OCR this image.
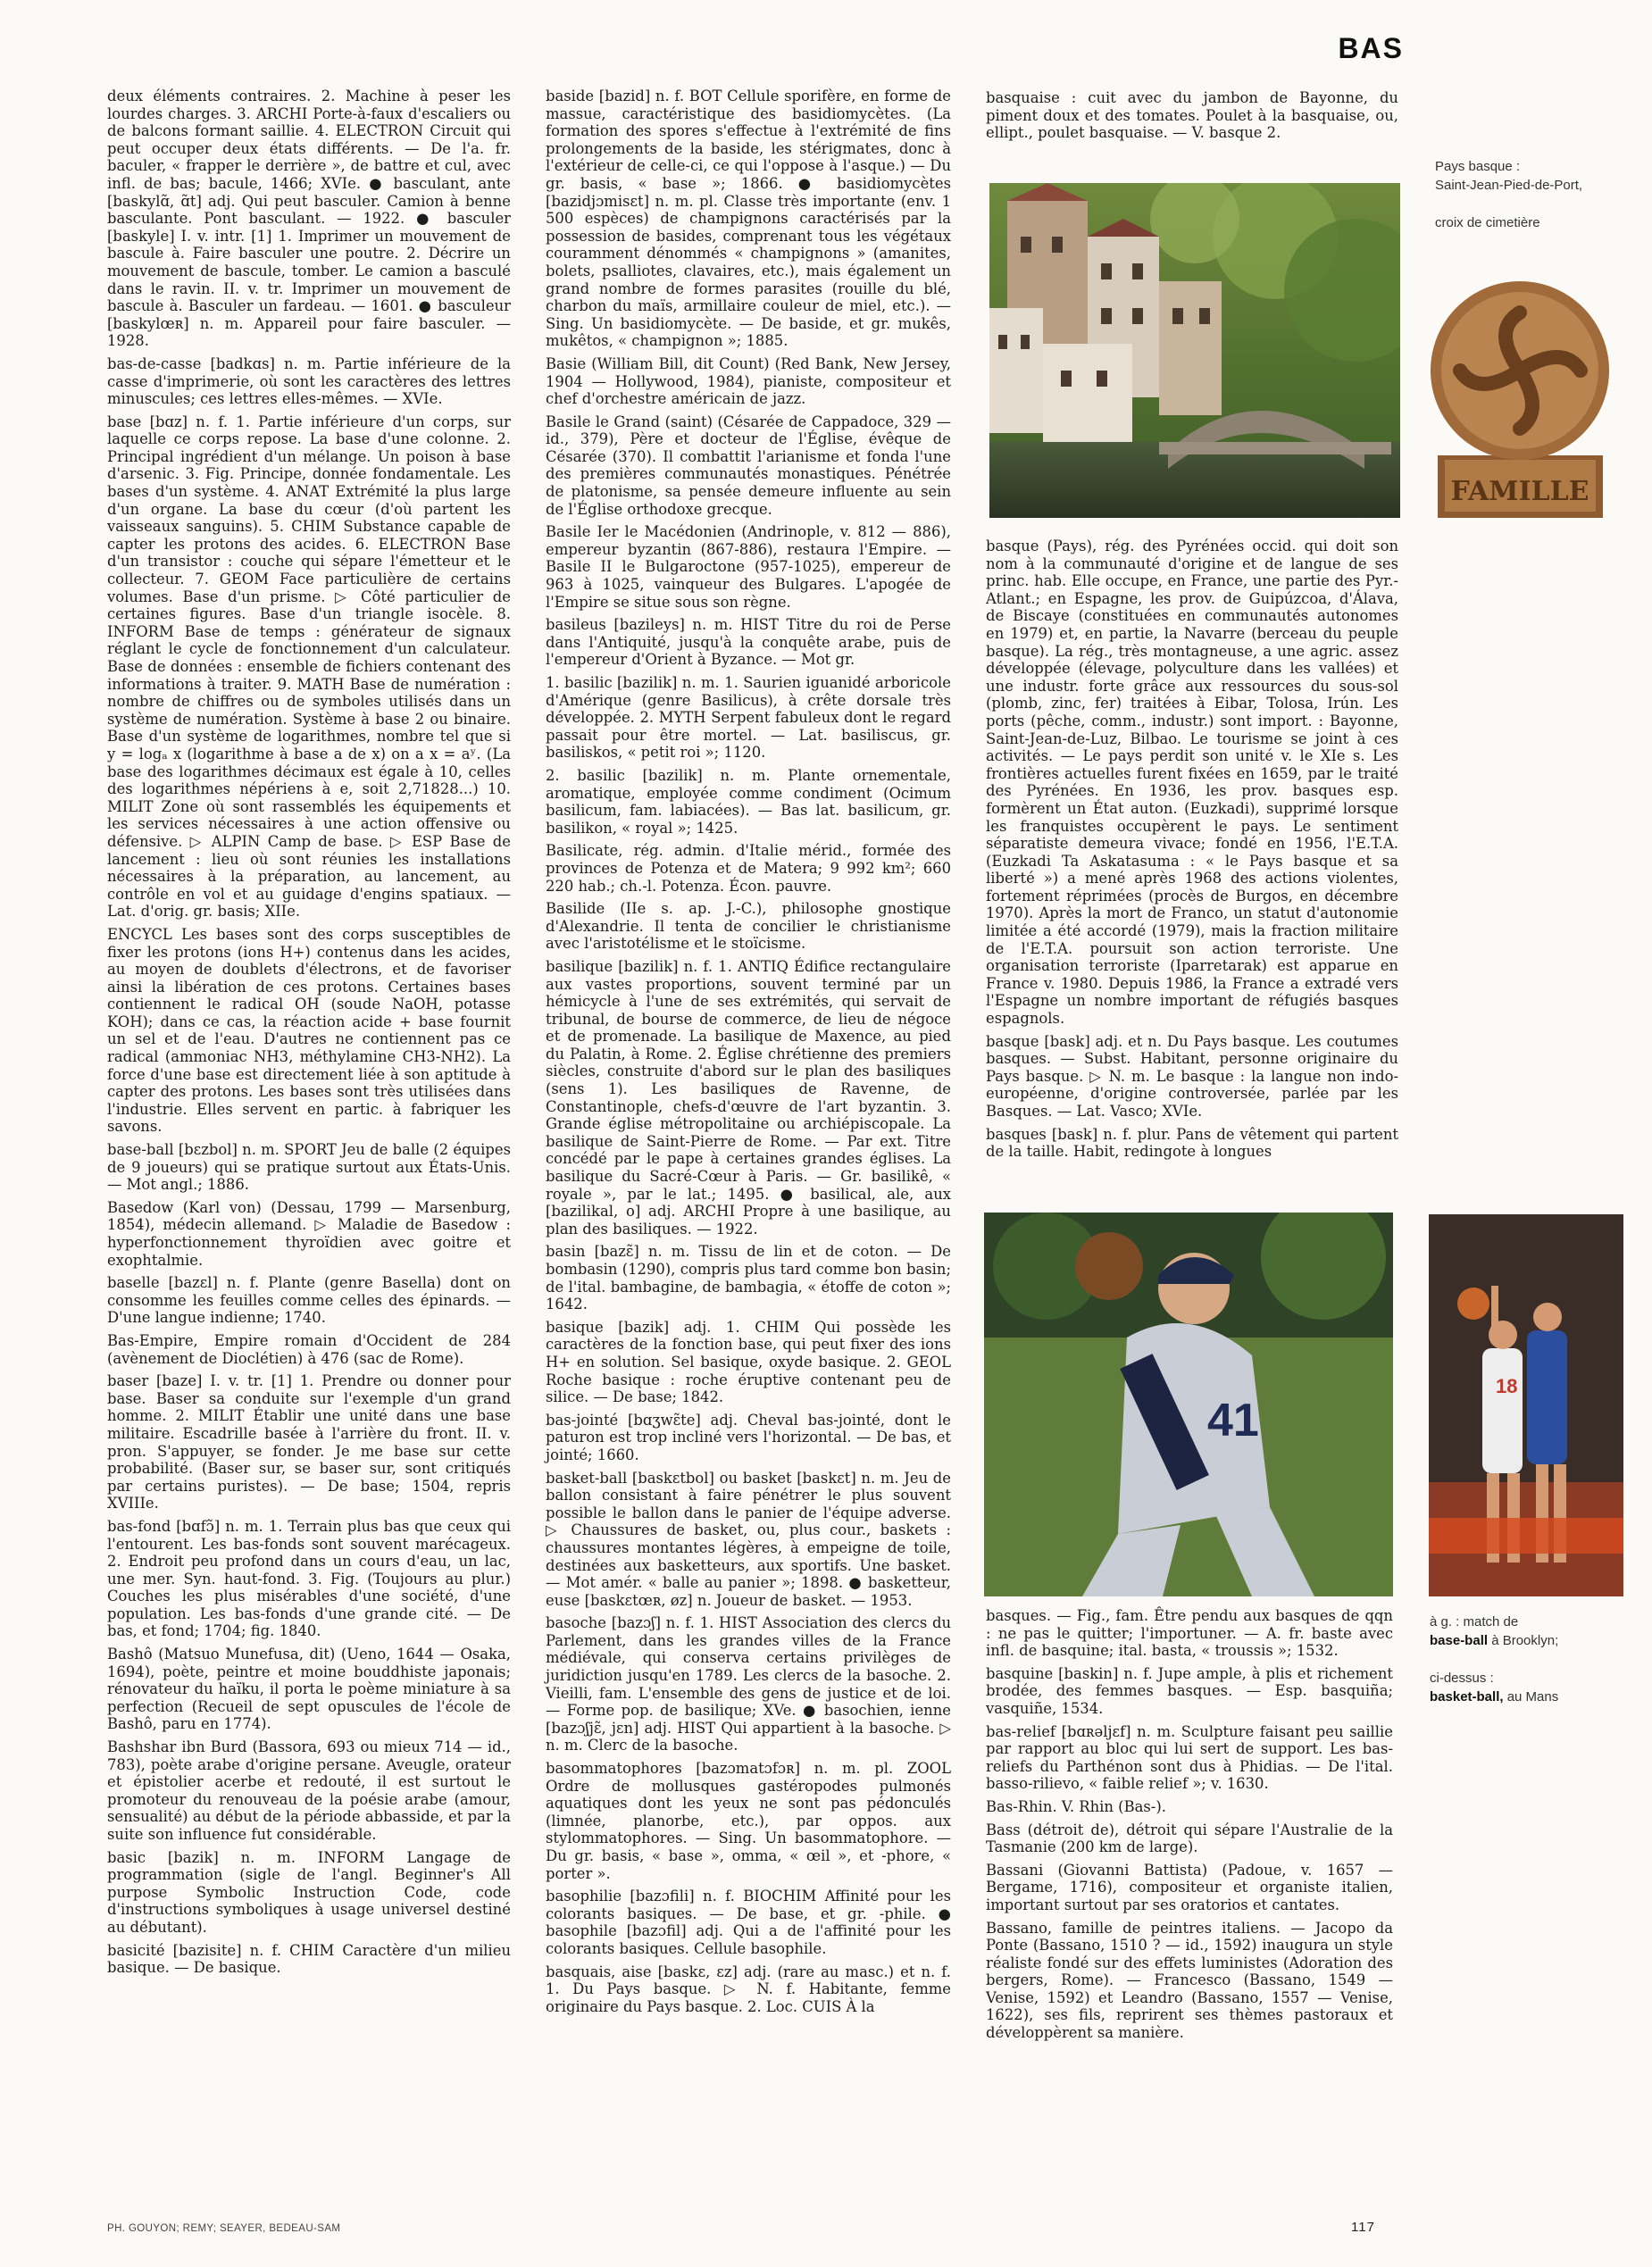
BAS

deux éléments contraires. 2. Machine à peser les lourdes charges. 3. ARCHI Porte-à-faux d'escaliers ou de balcons formant saillie. 4. ELECTRON Circuit qui peut occuper deux états différents. — De l'a. fr. baculer, « frapper le derrière », de battre et cul, avec infl. de bas; bacule, 1466; XVIe. ● basculant, ante [baskylɑ̃, ɑ̃t] adj. Qui peut basculer. Camion à benne basculante. Pont basculant. — 1922. ● basculer [baskyle] I. v. intr. [1] 1. Imprimer un mouvement de bascule à. Faire basculer une poutre. 2. Décrire un mouvement de bascule, tomber. Le camion a basculé dans le ravin. II. v. tr. Imprimer un mouvement de bascule à. Basculer un fardeau. — 1601. ● basculeur [baskylœʀ] n. m. Appareil pour faire basculer. — 1928.

bas-de-casse [badkɑs] n. m. Partie inférieure de la casse d'imprimerie, où sont les caractères des lettres minuscules; ces lettres elles-mêmes. — XVIe.

base [bɑz] n. f. 1. Partie inférieure d'un corps, sur laquelle ce corps repose. La base d'une colonne. 2. Principal ingrédient d'un mélange. Un poison à base d'arsenic. 3. Fig. Principe, donnée fondamentale. Les bases d'un système. 4. ANAT Extrémité la plus large d'un organe. La base du cœur (d'où partent les vaisseaux sanguins). 5. CHIM Substance capable de capter les protons des acides. 6. ELECTRON Base d'un transistor : couche qui sépare l'émetteur et le collecteur. 7. GEOM Face particulière de certains volumes. Base d'un prisme. ▷ Côté particulier de certaines figures. Base d'un triangle isocèle. 8. INFORM Base de temps : générateur de signaux réglant le cycle de fonctionnement d'un calculateur. Base de données : ensemble de fichiers contenant des informations à traiter. 9. MATH Base de numération : nombre de chiffres ou de symboles utilisés dans un système de numération. Système à base 2 ou binaire. Base d'un système de logarithmes, nombre tel que si y = logₐ x (logarithme à base a de x) on a x = aʸ. (La base des logarithmes décimaux est égale à 10, celles des logarithmes népériens à e, soit 2,71828...) 10. MILIT Zone où sont rassemblés les équipements et les services nécessaires à une action offensive ou défensive. ▷ ALPIN Camp de base. ▷ ESP Base de lancement : lieu où sont réunies les installations nécessaires à la préparation, au lancement, au contrôle en vol et au guidage d'engins spatiaux. — Lat. d'orig. gr. basis; XIIe.

ENCYCL Les bases sont des corps susceptibles de fixer les protons (ions H+) contenus dans les acides, au moyen de doublets d'électrons, et de favoriser ainsi la libération de ces protons. Certaines bases contiennent le radical OH (soude NaOH, potasse KOH); dans ce cas, la réaction acide + base fournit un sel et de l'eau. D'autres ne contiennent pas ce radical (ammoniac NH3, méthylamine CH3-NH2). La force d'une base est directement liée à son aptitude à capter des protons. Les bases sont très utilisées dans l'industrie. Elles servent en partic. à fabriquer les savons.

base-ball [bɛzbol] n. m. SPORT Jeu de balle (2 équipes de 9 joueurs) qui se pratique surtout aux États-Unis. — Mot angl.; 1886.

Basedow (Karl von) (Dessau, 1799 — Marsenburg, 1854), médecin allemand. ▷ Maladie de Basedow : hyperfonctionnement thyroïdien avec goitre et exophtalmie.

baselle [bazɛl] n. f. Plante (genre Basella) dont on consomme les feuilles comme celles des épinards. — D'une langue indienne; 1740.

Bas-Empire, Empire romain d'Occident de 284 (avènement de Dioclétien) à 476 (sac de Rome).

baser [baze] I. v. tr. [1] 1. Prendre ou donner pour base. Baser sa conduite sur l'exemple d'un grand homme. 2. MILIT Établir une unité dans une base militaire. Escadrille basée à l'arrière du front. II. v. pron. S'appuyer, se fonder. Je me base sur cette probabilité. (Baser sur, se baser sur, sont critiqués par certains puristes). — De base; 1504, repris XVIIIe.

bas-fond [bɑfɔ̃] n. m. 1. Terrain plus bas que ceux qui l'entourent. Les bas-fonds sont souvent marécageux. 2. Endroit peu profond dans un cours d'eau, un lac, une mer. Syn. haut-fond. 3. Fig. (Toujours au plur.) Couches les plus misérables d'une société, d'une population. Les bas-fonds d'une grande cité. — De bas, et fond; 1704; fig. 1840.

Bashô (Matsuo Munefusa, dit) (Ueno, 1644 — Osaka, 1694), poète, peintre et moine bouddhiste japonais; rénovateur du haïku, il porta le poème miniature à sa perfection (Recueil de sept opuscules de l'école de Bashô, paru en 1774).

Bashshar ibn Burd (Bassora, 693 ou mieux 714 — id., 783), poète arabe d'origine persane. Aveugle, orateur et épistolier acerbe et redouté, il est surtout le promoteur du renouveau de la poésie arabe (amour, sensualité) au début de la période abbasside, et par la suite son influence fut considérable.

basic [bazik] n. m. INFORM Langage de programmation (sigle de l'angl. Beginner's All purpose Symbolic Instruction Code, code d'instructions symboliques à usage universel destiné au débutant).

basicité [bazisite] n. f. CHIM Caractère d'un milieu basique. — De basique.

baside [bazid] n. f. BOT Cellule sporifère, en forme de massue, caractéristique des basidiomycètes. (La formation des spores s'effectue à l'extrémité de fins prolongements de la baside, les stérigmates, donc à l'extérieur de celle-ci, ce qui l'oppose à l'asque.) — Du gr. basis, « base »; 1866. ● basidiomycètes [bazidjɔmisɛt] n. m. pl. Classe très importante (env. 1 500 espèces) de champignons caractérisés par la possession de basides, comprenant tous les végétaux couramment dénommés « champignons » (amanites, bolets, psalliotes, clavaires, etc.), mais également un grand nombre de formes parasites (rouille du blé, charbon du maïs, armillaire couleur de miel, etc.). — Sing. Un basidiomycète. — De baside, et gr. mukês, mukêtos, « champignon »; 1885.

Basie (William Bill, dit Count) (Red Bank, New Jersey, 1904 — Hollywood, 1984), pianiste, compositeur et chef d'orchestre américain de jazz.

Basile le Grand (saint) (Césarée de Cappadoce, 329 — id., 379), Père et docteur de l'Église, évêque de Césarée (370). Il combattit l'arianisme et fonda l'une des premières communautés monastiques. Pénétrée de platonisme, sa pensée demeure influente au sein de l'Église orthodoxe grecque.

Basile Ier le Macédonien (Andrinople, v. 812 — 886), empereur byzantin (867-886), restaura l'Empire. — Basile II le Bulgaroctone (957-1025), empereur de 963 à 1025, vainqueur des Bulgares. L'apogée de l'Empire se situe sous son règne.

basileus [bazileys] n. m. HIST Titre du roi de Perse dans l'Antiquité, jusqu'à la conquête arabe, puis de l'empereur d'Orient à Byzance. — Mot gr.

1. basilic [bazilik] n. m. 1. Saurien iguanidé arboricole d'Amérique (genre Basilicus), à crête dorsale très développée. 2. MYTH Serpent fabuleux dont le regard passait pour être mortel. — Lat. basiliscus, gr. basiliskos, « petit roi »; 1120.

2. basilic [bazilik] n. m. Plante ornementale, aromatique, employée comme condiment (Ocimum basilicum, fam. labiacées). — Bas lat. basilicum, gr. basilikon, « royal »; 1425.

Basilicate, rég. admin. d'Italie mérid., formée des provinces de Potenza et de Matera; 9 992 km²; 660 220 hab.; ch.-l. Potenza. Écon. pauvre.

Basilide (IIe s. ap. J.-C.), philosophe gnostique d'Alexandrie. Il tenta de concilier le christianisme avec l'aristotélisme et le stoïcisme.

basilique [bazilik] n. f. 1. ANTIQ Édifice rectangulaire aux vastes proportions, souvent terminé par un hémicycle à l'une de ses extrémités, qui servait de tribunal, de bourse de commerce, de lieu de négoce et de promenade. La basilique de Maxence, au pied du Palatin, à Rome. 2. Église chrétienne des premiers siècles, construite d'abord sur le plan des basiliques (sens 1). Les basiliques de Ravenne, de Constantinople, chefs-d'œuvre de l'art byzantin. 3. Grande église métropolitaine ou archiépiscopale. La basilique de Saint-Pierre de Rome. — Par ext. Titre concédé par le pape à certaines grandes églises. La basilique du Sacré-Cœur à Paris. — Gr. basilikê, « royale », par le lat.; 1495. ● basilical, ale, aux [bazilikal, o] adj. ARCHI Propre à une basilique, au plan des basiliques. — 1922.

basin [bazɛ̃] n. m. Tissu de lin et de coton. — De bombasin (1290), compris plus tard comme bon basin; de l'ital. bambagine, de bambagia, « étoffe de coton »; 1642.

basique [bazik] adj. 1. CHIM Qui possède les caractères de la fonction base, qui peut fixer des ions H+ en solution. Sel basique, oxyde basique. 2. GEOL Roche basique : roche éruptive contenant peu de silice. — De base; 1842.

bas-jointé [bɑʒwɛ̃te] adj. Cheval bas-jointé, dont le paturon est trop incliné vers l'horizontal. — De bas, et jointé; 1660.

basket-ball [baskɛtbol] ou basket [baskɛt] n. m. Jeu de ballon consistant à faire pénétrer le plus souvent possible le ballon dans le panier de l'équipe adverse. ▷ Chaussures de basket, ou, plus cour., baskets : chaussures montantes légères, à empeigne de toile, destinées aux basketteurs, aux sportifs. Une basket. — Mot amér. « balle au panier »; 1898. ● basketteur, euse [baskɛtœʀ, øz] n. Joueur de basket. — 1953.

basoche [bazɔʃ] n. f. 1. HIST Association des clercs du Parlement, dans les grandes villes de la France médiévale, qui conserva certains privilèges de juridiction jusqu'en 1789. Les clercs de la basoche. 2. Vieilli, fam. L'ensemble des gens de justice et de loi. — Forme pop. de basilique; XVe. ● basochien, ienne [bazɔʃjɛ̃, jɛn] adj. HIST Qui appartient à la basoche. ▷ n. m. Clerc de la basoche.

basommatophores [bazɔmatɔfɔʀ] n. m. pl. ZOOL Ordre de mollusques gastéropodes pulmonés aquatiques dont les yeux ne sont pas pédonculés (limnée, planorbe, etc.), par oppos. aux stylommatophores. — Sing. Un basommatophore. — Du gr. basis, « base », omma, « œil », et -phore, « porter ».

basophilie [bazɔfili] n. f. BIOCHIM Affinité pour les colorants basiques. — De base, et gr. -phile. ● basophile [bazɔfil] adj. Qui a de l'affinité pour les colorants basiques. Cellule basophile.

basquais, aise [baskɛ, ɛz] adj. (rare au masc.) et n. f. 1. Du Pays basque. ▷ N. f. Habitante, femme originaire du Pays basque. 2. Loc. CUIS À la

basquaise : cuit avec du jambon de Bayonne, du piment doux et des tomates. Poulet à la basquaise, ou, ellipt., poulet basquaise. — V. basque 2.

FAMILLE
Pays basque :
Saint-Jean-Pied-de-Port,

croix de cimetière

basque (Pays), rég. des Pyrénées occid. qui doit son nom à la communauté d'origine et de langue de ses princ. hab. Elle occupe, en France, une partie des Pyr.-Atlant.; en Espagne, les prov. de Guipúzcoa, d'Álava, de Biscaye (constituées en communautés autonomes en 1979) et, en partie, la Navarre (berceau du peuple basque). La rég., très montagneuse, a une agric. assez développée (élevage, polyculture dans les vallées) et une industr. forte grâce aux ressources du sous-sol (plomb, zinc, fer) traitées à Eibar, Tolosa, Irún. Les ports (pêche, comm., industr.) sont import. : Bayonne, Saint-Jean-de-Luz, Bilbao. Le tourisme se joint à ces activités. — Le pays perdit son unité v. le XIe s. Les frontières actuelles furent fixées en 1659, par le traité des Pyrénées. En 1936, les prov. basques esp. formèrent un État auton. (Euzkadi), supprimé lorsque les franquistes occupèrent le pays. Le sentiment séparatiste demeura vivace; fondé en 1956, l'E.T.A. (Euzkadi Ta Askatasuma : « le Pays basque et sa liberté ») a mené après 1968 des actions violentes, fortement réprimées (procès de Burgos, en décembre 1970). Après la mort de Franco, un statut d'autonomie limitée a été accordé (1979), mais la fraction militaire de l'E.T.A. poursuit son action terroriste. Une organisation terroriste (Iparretarak) est apparue en France v. 1980. Depuis 1986, la France a extradé vers l'Espagne un nombre important de réfugiés basques espagnols.

basque [bask] adj. et n. Du Pays basque. Les coutumes basques. — Subst. Habitant, personne originaire du Pays basque. ▷ N. m. Le basque : la langue non indo-européenne, d'origine controversée, parlée par les Basques. — Lat. Vasco; XVIe.

basques [bask] n. f. plur. Pans de vêtement qui partent de la taille. Habit, redingote à longues

41
18
à g. : match de
base-ball à Brooklyn;

ci-dessus :
basket-ball, au Mans

basques. — Fig., fam. Être pendu aux basques de qqn : ne pas le quitter; l'importuner. — A. fr. baste avec infl. de basquine; ital. basta, « troussis »; 1532.

basquine [baskin] n. f. Jupe ample, à plis et richement brodée, des femmes basques. — Esp. basquiña; vasquiñe, 1534.

bas-relief [bɑʀəljɛf] n. m. Sculpture faisant peu saillie par rapport au bloc qui lui sert de support. Les bas-reliefs du Parthénon sont dus à Phidias. — De l'ital. basso-rilievo, « faible relief »; v. 1630.

Bas-Rhin. V. Rhin (Bas-).

Bass (détroit de), détroit qui sépare l'Australie de la Tasmanie (200 km de large).

Bassani (Giovanni Battista) (Padoue, v. 1657 — Bergame, 1716), compositeur et organiste italien, important surtout par ses oratorios et cantates.

Bassano, famille de peintres italiens. — Jacopo da Ponte (Bassano, 1510 ? — id., 1592) inaugura un style réaliste fondé sur des effets luministes (Adoration des bergers, Rome). — Francesco (Bassano, 1549 — Venise, 1592) et Leandro (Bassano, 1557 — Venise, 1622), ses fils, reprirent ses thèmes pastoraux et développèrent sa manière.

PH. GOUYON; REMY; SEAYER, BEDEAU-SAM	117
